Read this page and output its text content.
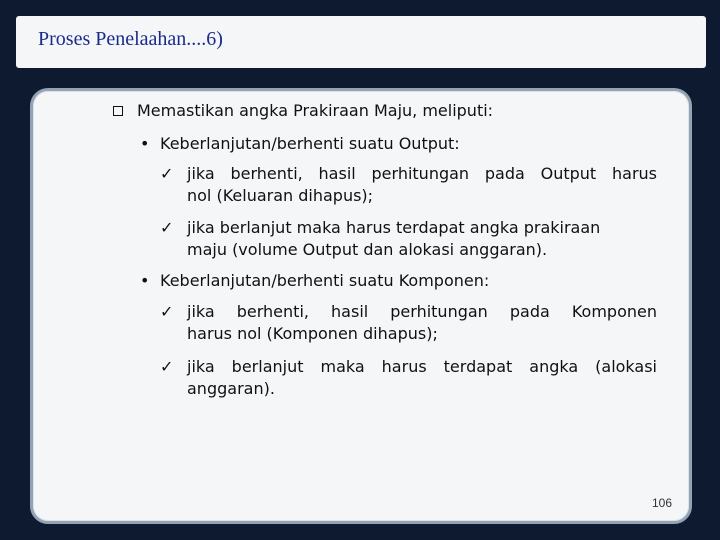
Proses Penelaahan....6)
Memastikan angka Prakiraan Maju, meliputi:
• Keberlanjutan/berhenti suatu Output:
✓ jika berhenti, hasil perhitungan pada Output harus
nol (Keluaran dihapus);
✓ jika berlanjut maka harus terdapat angka prakiraan
maju (volume Output dan alokasi anggaran).
• Keberlanjutan/berhenti suatu Komponen:
✓ jika berhenti, hasil perhitungan pada Komponen
harus nol (Komponen dihapus);
✓ jika berlanjut maka harus terdapat angka (alokasi
anggaran).
106
